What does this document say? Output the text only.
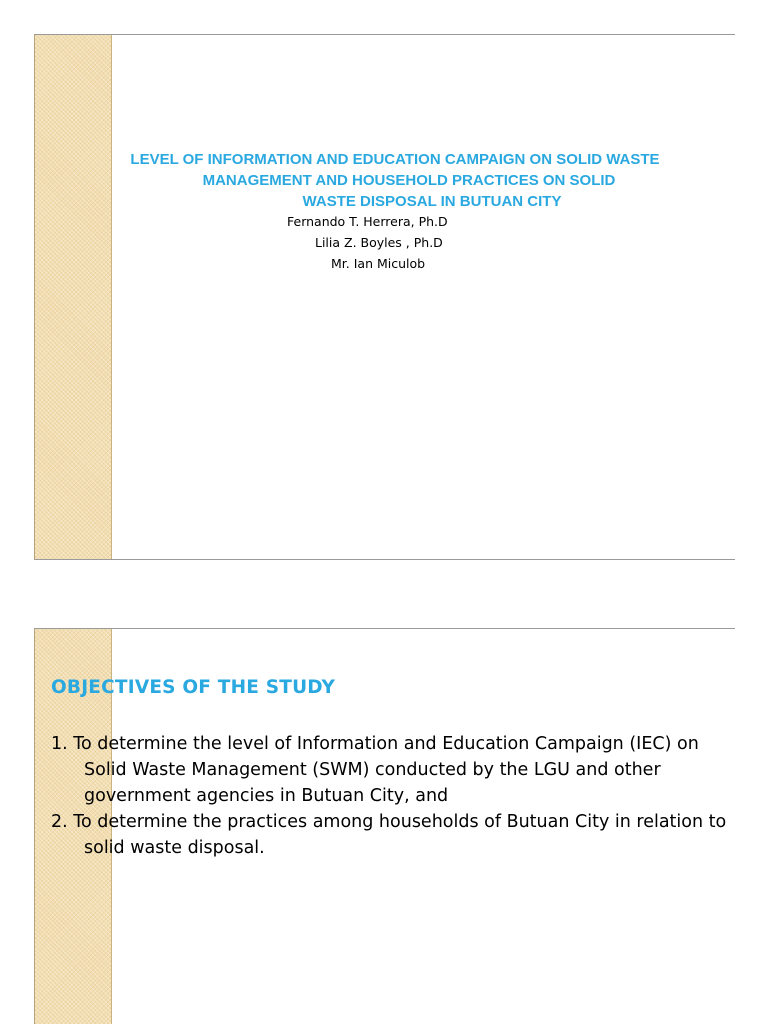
LEVEL OF INFORMATION AND EDUCATION CAMPAIGN ON SOLID WASTE
MANAGEMENT AND HOUSEHOLD PRACTICES ON SOLID
WASTE DISPOSAL IN BUTUAN CITY
Fernando T. Herrera, Ph.D
Lilia Z. Boyles , Ph.D
Mr. Ian Miculob
OBJECTIVES OF THE STUDY
1. To determine the level of Information and Education Campaign (IEC) on Solid Waste Management (SWM) conducted by the LGU and other government agencies in Butuan City, and
2. To determine the practices among households of Butuan City in relation to solid waste disposal.
